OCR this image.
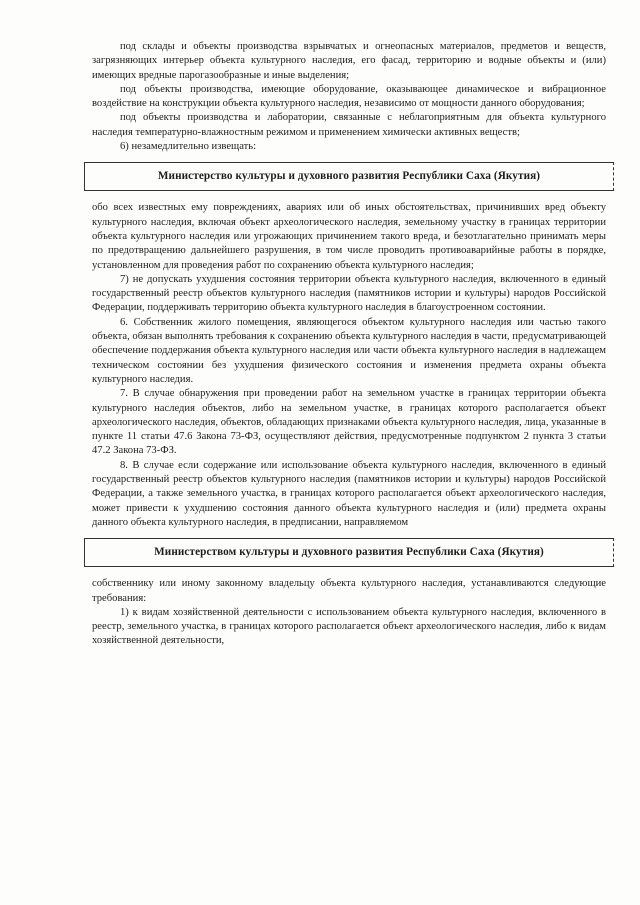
под склады и объекты производства взрывчатых и огнеопасных материалов, предметов и веществ, загрязняющих интерьер объекта культурного наследия, его фасад, территорию и водные объекты и (или) имеющих вредные парогазообразные и иные выделения;

под объекты производства, имеющие оборудование, оказывающее динамическое и вибрационное воздействие на конструкции объекта культурного наследия, независимо от мощности данного оборудования;

под объекты производства и лаборатории, связанные с неблагоприятным для объекта культурного наследия температурно-влажностным режимом и применением химически активных веществ;

6) незамедлительно извещать:

Министерство культуры и духовного развития Республики Саха (Якутия)

обо всех известных ему повреждениях, авариях или об иных обстоятельствах, причинивших вред объекту культурного наследия, включая объект археологического наследия, земельному участку в границах территории объекта культурного наследия или угрожающих причинением такого вреда, и безотлагательно принимать меры по предотвращению дальнейшего разрушения, в том числе проводить противоаварийные работы в порядке, установленном для проведения работ по сохранению объекта культурного наследия;

7) не допускать ухудшения состояния территории объекта культурного наследия, включенного в единый государственный реестр объектов культурного наследия (памятников истории и культуры) народов Российской Федерации, поддерживать территорию объекта культурного наследия в благоустроенном состоянии.

6. Собственник жилого помещения, являющегося объектом культурного наследия или частью такого объекта, обязан выполнять требования к сохранению объекта культурного наследия в части, предусматривающей обеспечение поддержания объекта культурного наследия или части объекта культурного наследия в надлежащем техническом состоянии без ухудшения физического состояния и изменения предмета охраны объекта культурного наследия.

7. В случае обнаружения при проведении работ на земельном участке в границах территории объекта культурного наследия объектов, либо на земельном участке, в границах которого располагается объект археологического наследия, объектов, обладающих признаками объекта культурного наследия, лица, указанные в пункте 11 статьи 47.6 Закона 73-ФЗ, осуществляют действия, предусмотренные подпунктом 2 пункта 3 статьи 47.2 Закона 73-ФЗ.

8. В случае если содержание или использование объекта культурного наследия, включенного в единый государственный реестр объектов культурного наследия (памятников истории и культуры) народов Российской Федерации, а также земельного участка, в границах которого располагается объект археологического наследия, может привести к ухудшению состояния данного объекта культурного наследия и (или) предмета охраны данного объекта культурного наследия, в предписании, направляемом

Министерством культуры и духовного развития Республики Саха (Якутия)

собственнику или иному законному владельцу объекта культурного наследия, устанавливаются следующие требования:

1) к видам хозяйственной деятельности с использованием объекта культурного наследия, включенного в реестр, земельного участка, в границах которого располагается объект археологического наследия, либо к видам хозяйственной деятельности,
